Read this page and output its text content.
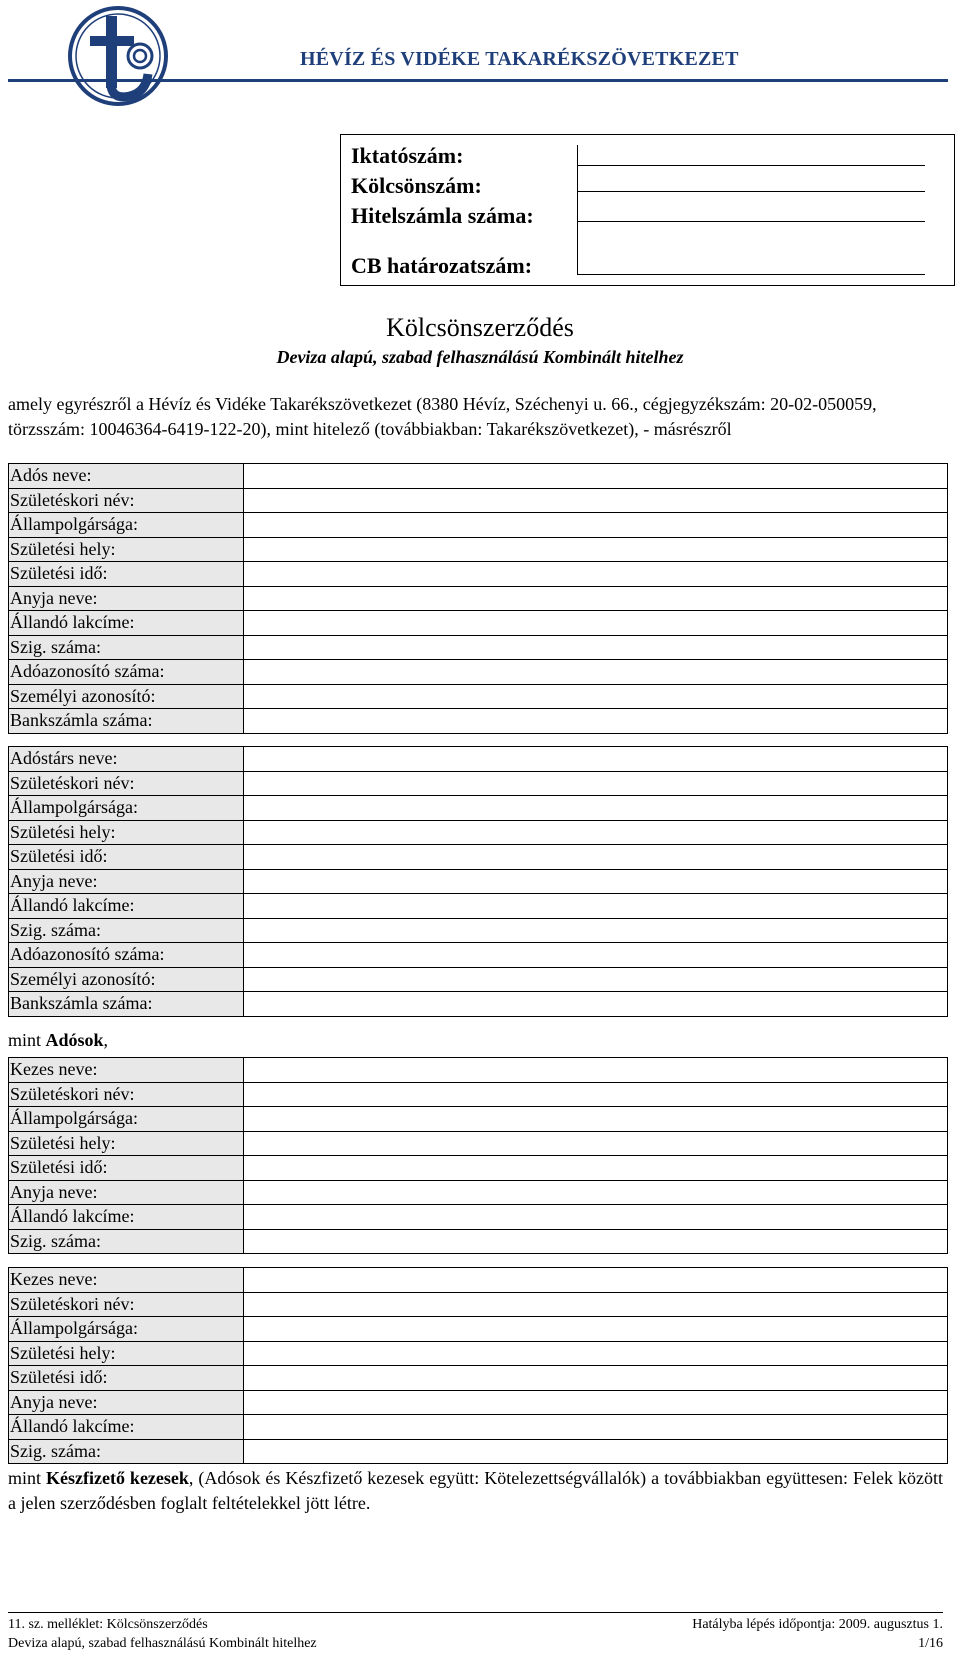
HÉVÍZ ÉS VIDÉKE TAKARÉKSZÖVETKEZET
Iktatószám:
Kölcsönszám:
Hitelszámla száma:
CB határozatszám:
Kölcsönszerződés
Deviza alapú, szabad felhasználású Kombinált hitelhez
amely egyrészről a Hévíz és Vidéke Takarékszövetkezet (8380 Hévíz, Széchenyi u. 66., cégjegyzékszám: 20-02-050059, törzsszám: 10046364-6419-122-20), mint hitelező (továbbiakban: Takarékszövetkezet), - másrészről
Adós neve:	
Születéskori név:	
Állampolgársága:	
Születési hely:	
Születési idő:	
Anyja neve:	
Állandó lakcíme:	
Szig. száma:	
Adóazonosító száma:	
Személyi azonosító:	
Bankszámla száma:	
Adóstárs neve:	
Születéskori név:	
Állampolgársága:	
Születési hely:	
Születési idő:	
Anyja neve:	
Állandó lakcíme:	
Szig. száma:	
Adóazonosító száma:	
Személyi azonosító:	
Bankszámla száma:	
mint Adósok,
Kezes neve:	
Születéskori név:	
Állampolgársága:	
Születési hely:	
Születési idő:	
Anyja neve:	
Állandó lakcíme:	
Szig. száma:	
Kezes neve:	
Születéskori név:	
Állampolgársága:	
Születési hely:	
Születési idő:	
Anyja neve:	
Állandó lakcíme:	
Szig. száma:	
mint Készfizető kezesek, (Adósok és Készfizető kezesek együtt: Kötelezettségvállalók) a továbbiakban együttesen: Felek között a jelen szerződésben foglalt feltételekkel jött létre.
11. sz. melléklet: Kölcsönszerződés
Deviza alapú, szabad felhasználású Kombinált hitelhez
Hatályba lépés időpontja: 2009. augusztus 1.
1/16
